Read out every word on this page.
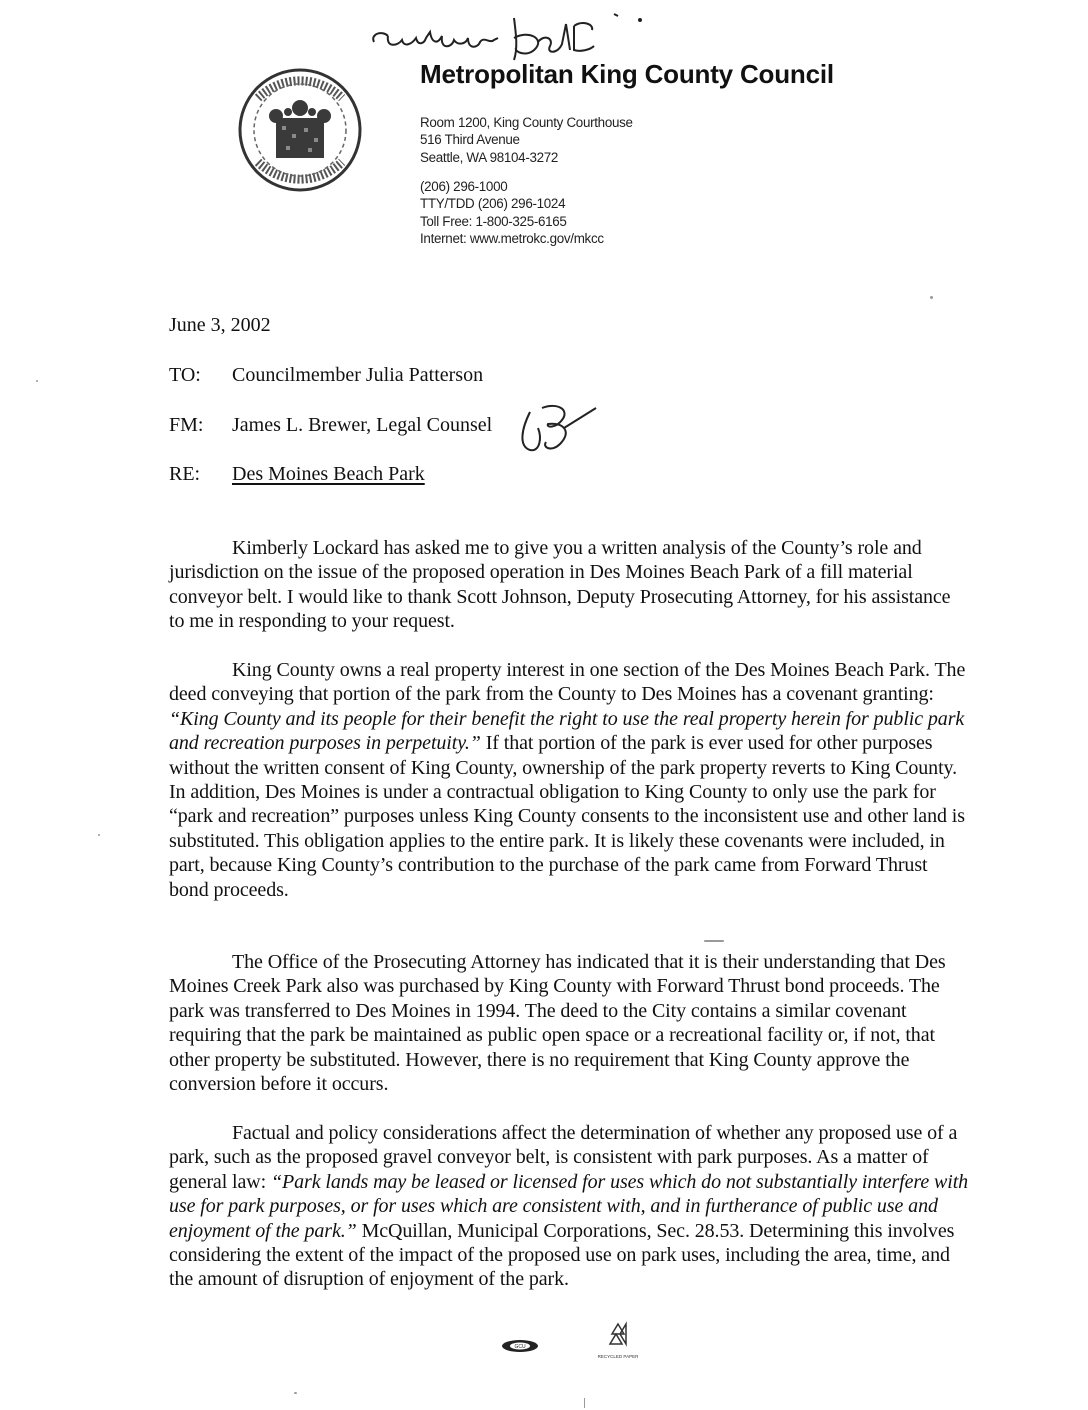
Conveyor Belt
Metropolitan King County Council
Room 1200, King County Courthouse
516 Third Avenue
Seattle, WA 98104-3272
(206) 296-1000
TTY/TDD (206) 296-1024
Toll Free: 1-800-325-6165
Internet: www.metrokc.gov/mkcc
June 3, 2002
TO: Councilmember Julia Patterson
FM: James L. Brewer, Legal Counsel
JB
RE: Des Moines Beach Park

Kimberly Lockard has asked me to give you a written analysis of the County’s role and jurisdiction on the issue of the proposed operation in Des Moines Beach Park of a fill material conveyor belt. I would like to thank Scott Johnson, Deputy Prosecuting Attorney, for his assistance to me in responding to your request.

King County owns a real property interest in one section of the Des Moines Beach Park. The deed conveying that portion of the park from the County to Des Moines has a covenant granting: “King County and its people for their benefit the right to use the real property herein for public park and recreation purposes in perpetuity.” If that portion of the park is ever used for other purposes without the written consent of King County, ownership of the park property reverts to King County. In addition, Des Moines is under a contractual obligation to King County to only use the park for “park and recreation” purposes unless King County consents to the inconsistent use and other land is substituted. This obligation applies to the entire park. It is likely these covenants were included, in part, because King County’s contribution to the purchase of the park came from Forward Thrust bond proceeds.

The Office of the Prosecuting Attorney has indicated that it is their understanding that Des Moines Creek Park also was purchased by King County with Forward Thrust bond proceeds. The park was transferred to Des Moines in 1994. The deed to the City contains a similar covenant requiring that the park be maintained as public open space or a recreational facility or, if not, that other property be substituted. However, there is no requirement that King County approve the conversion before it occurs.

Factual and policy considerations affect the determination of whether any proposed use of a park, such as the proposed gravel conveyor belt, is consistent with park purposes. As a matter of general law: “Park lands may be leased or licensed for uses which do not substantially interfere with use for park purposes, or for uses which are consistent with, and in furtherance of public use and enjoyment of the park.” McQuillan, Municipal Corporations, Sec. 28.53. Determining this involves considering the extent of the impact of the proposed use on park uses, including the area, time, and the amount of disruption of enjoyment of the park.

GCU
RECYCLED PAPER
